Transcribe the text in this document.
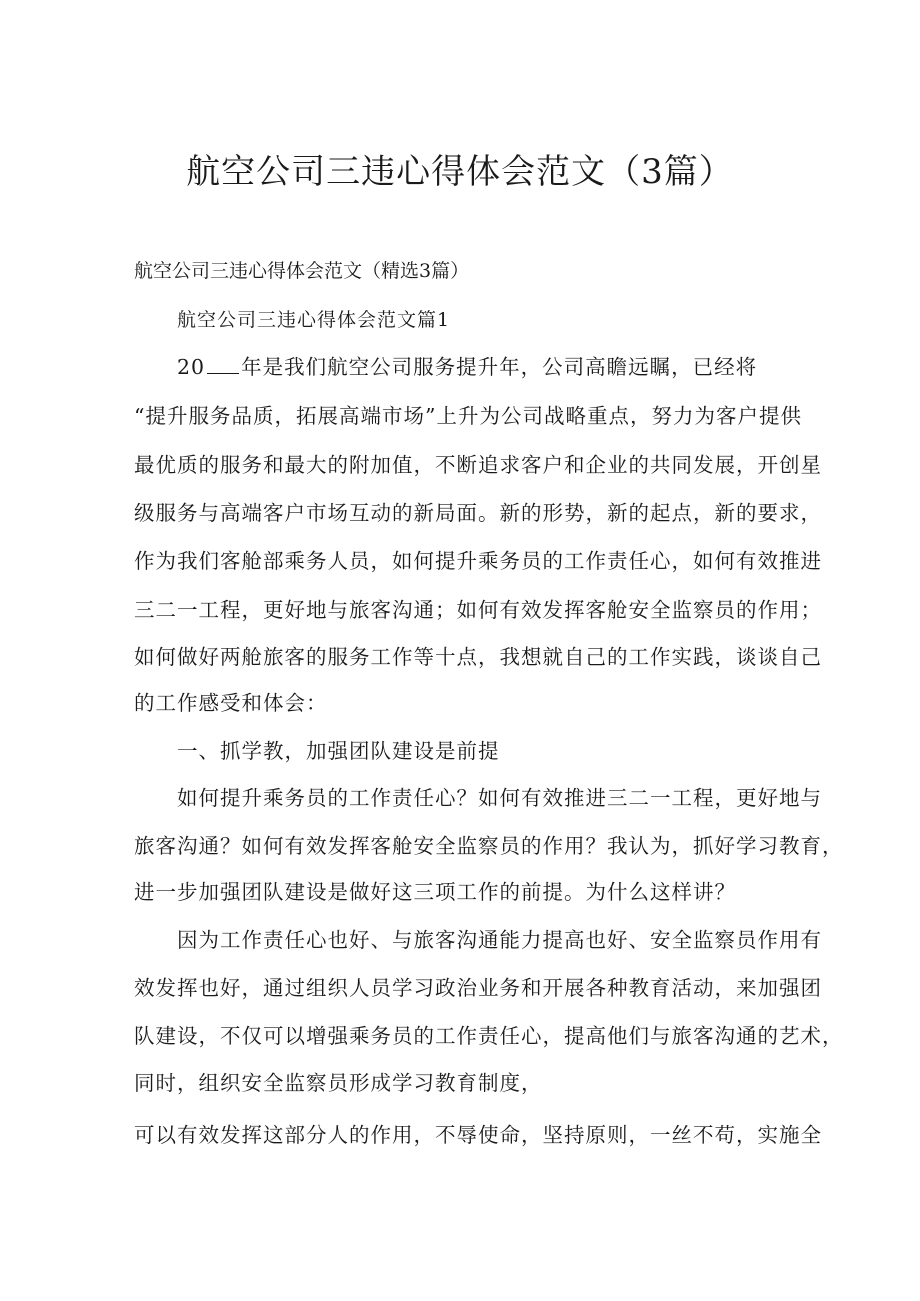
航空公司三违心得体会范文（3篇）
航空公司三违心得体会范文（精选3篇）
航空公司三违心得体会范文篇1
20 年是我们航空公司服务提升年，公司高瞻远瞩，已经将
“提升服务品质，拓展高端市场”上升为公司战略重点，努力为客户提供
最优质的服务和最大的附加值，不断追求客户和企业的共同发展，开创星
级服务与高端客户市场互动的新局面。新的形势，新的起点，新的要求，
作为我们客舱部乘务人员，如何提升乘务员的工作责任心，如何有效推进
三二一工程，更好地与旅客沟通；如何有效发挥客舱安全监察员的作用；
如何做好两舱旅客的服务工作等十点，我想就自己的工作实践，谈谈自己
的工作感受和体会：
一、抓学教，加强团队建设是前提
如何提升乘务员的工作责任心？如何有效推进三二一工程，更好地与
旅客沟通？如何有效发挥客舱安全监察员的作用？我认为，抓好学习教育，
进一步加强团队建设是做好这三项工作的前提。为什么这样讲？
因为工作责任心也好、与旅客沟通能力提高也好、安全监察员作用有
效发挥也好，通过组织人员学习政治业务和开展各种教育活动，来加强团
队建设，不仅可以增强乘务员的工作责任心，提高他们与旅客沟通的艺术，
同时，组织安全监察员形成学习教育制度，
可以有效发挥这部分人的作用，不辱使命，坚持原则，一丝不苟，实施全
